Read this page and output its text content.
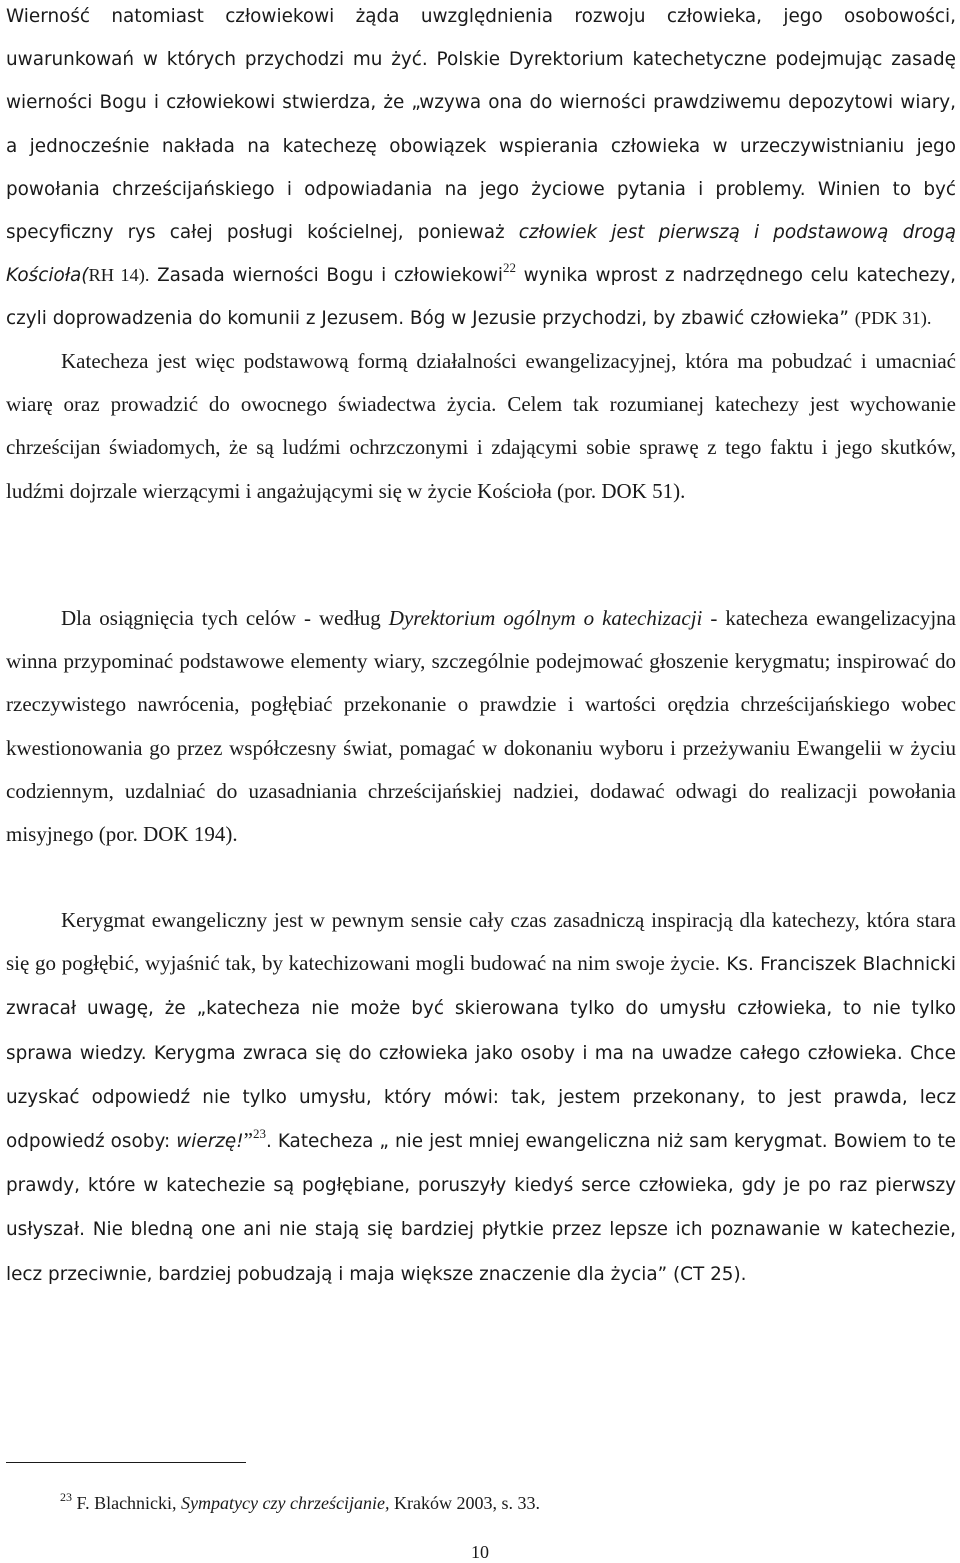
Wierność natomiast człowiekowi żąda uwzględnienia rozwoju człowieka, jego osobowości, uwarunkowań w których przychodzi mu żyć. Polskie Dyrektorium katechetyczne podejmując zasadę wierności Bogu i człowiekowi stwierdza, że „wzywa ona do wierności prawdziwemu depozytowi wiary, a jednocześnie nakłada na katechezę obowiązek wspierania człowieka w urzeczywistnianiu jego powołania chrześcijańskiego i odpowiadania na jego życiowe pytania i problemy. Winien to być specyficzny rys całej posługi kościelnej, ponieważ człowiek jest pierwszą i podstawową drogą Kościoła(RH 14). Zasada wierności Bogu i człowiekowi$^{22}$ wynika wprost z nadrzędnego celu katechezy, czyli doprowadzenia do komunii z Jezusem. Bóg w Jezusie przychodzi, by zbawić człowieka” (PDK 31).

Katecheza jest więc podstawową formą działalności ewangelizacyjnej, która ma pobudzać i umacniać wiarę oraz prowadzić do owocnego świadectwa życia. Celem tak rozumianej katechezy jest wychowanie chrześcijan świadomych, że są ludźmi ochrzczonymi i zdającymi sobie sprawę z tego faktu i jego skutków, ludźmi dojrzale wierzącymi i angażującymi się w życie Kościoła (por. DOK 51).

Dla osiągnięcia tych celów - według Dyrektorium ogólnym o katechizacji - katecheza ewangelizacyjna winna przypominać podstawowe elementy wiary, szczególnie podejmować głoszenie kerygmatu; inspirować do rzeczywistego nawrócenia, pogłębiać przekonanie o prawdzie i wartości orędzia chrześcijańskiego wobec kwestionowania go przez współczesny świat, pomagać w dokonaniu wyboru i przeżywaniu Ewangelii w życiu codziennym, uzdalniać do uzasadniania chrześcijańskiej nadziei, dodawać odwagi do realizacji powołania misyjnego (por. DOK 194).

Kerygmat ewangeliczny jest w pewnym sensie cały czas zasadniczą inspiracją dla katechezy, która stara się go pogłębić, wyjaśnić tak, by katechizowani mogli budować na nim swoje życie. Ks. Franciszek Blachnicki zwracał uwagę, że „katecheza nie może być skierowana tylko do umysłu człowieka, to nie tylko sprawa wiedzy. Kerygma zwraca się do człowieka jako osoby i ma na uwadze całego człowieka. Chce uzyskać odpowiedź nie tylko umysłu, który mówi: tak, jestem przekonany, to jest prawda, lecz odpowiedź osoby: wierzę!”$^{23}$. Katecheza „ nie jest mniej ewangeliczna niż sam kerygmat. Bowiem to te prawdy, które w katechezie są pogłębiane, poruszyły kiedyś serce człowieka, gdy je po raz pierwszy usłyszał. Nie bledną one ani nie stają się bardziej płytkie przez lepsze ich poznawanie w katechezie, lecz przeciwnie, bardziej pobudzają i maja większe znaczenie dla życia” (CT 25).

$^{23}$ F. Blachnicki, Sympatycy czy chrześcijanie, Kraków 2003, s. 33.

10
